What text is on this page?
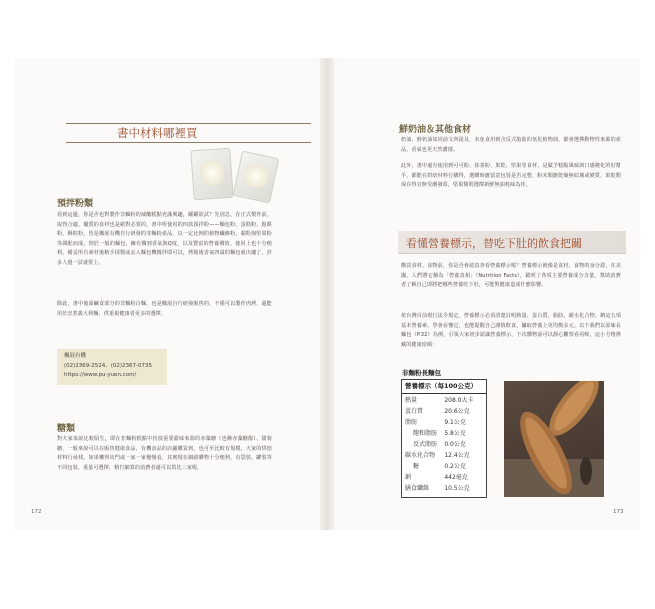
書中材料哪裡買
預拌粉類
看到這邊，你是否也對製作非麵粉的減醣糕點充滿興趣，躍躍欲試？先別急，在正式製作前，取得合適、優質的食材也是絕對必要的。書中所使用的四款預拌粉——麵包粉、蛋糕粉、鬆餅粉、酥粒粉，皆是楓展有機自行研發的非麵粉產品，以一定比例的植物纖維粉、黏粉與堅果粉等調配而成，則於一般的麵包，擁有獨到香氣與Q度，以及豐富的營養價值。使用上也十分便利，備妥所有素材後稍手揉製或丟入麵包機攪拌即可以，烤箱後香氣四溢的麵包就出爐了，許多人覺一試就愛上。
除此，書中後面鹹食部分的非麵粉白麵，也是楓展自行研發販售的，不僅可以製作肉烤，還能用於烹煮義大利麵，供重視健康者更多的選擇。
楓展有機
(02)2369-2524、(02)2367-0735
https://www.pu-yuen.com/
糖類
對大家來說比較陌生，即在非麵粉糕點中扮演重要甜味來源的赤藻糖（也稱赤藻糖醇）、甜菊糖，一般來說可以在販售健康食品、有機食品的店鋪購買到，也可至比較有規模、大家的烘焙材料行尋找。如果懶得出門或一家一家慢慢看，其實現在網路購物十分便利，有袋裝、罐裝等不同包裝、重量可選擇，精打細算的消費者還可以貨比三家呢。
172
鮮奶油＆其他食材
奶油、鮮奶油如同前文所提及，未免食用到含反式脂肪的氫化植物油，都會選擇動物性來源的產品，香氣也更天然濃郁。
此外，書中還有使用到可可粉、抹茶粉、果乾、堅果等食材，是賦予糕點風味與口感變化的好幫手，都能在烘焙材料行購得，選購時應留意包裝是否完整，粉末類應乾燥無結塊或變質，果乾類保存得宜無受潮發霉，堅果類則選擇新鮮無油耗味為佳。
看懂營養標示，替吃下肚的飲食把關
購買食材、食物前，你是否會認真查看營養標示呢？營養標示就像是食材、食物的身分證，在美國，人們將它稱為「營養真相」（Nutrition Facts），載明了各項主要營養成分含量，幫助消費者了解自己即將把哪些營養吃下肚，可能對健康造成什麼影響。
依台灣目前現行法令規定，營養標示必須清楚註明熱量、蛋白質、脂肪、碳水化合物、鈉這五項基本營養素，學會看懂它，也能提醒自己謹慎飲食，攝取營養上更均衡多元。以下我們以原味長麵包（P.32）為例，引領大家初步認識營養標示，下次購物前可以靜心觀察看看喔，這小方格裡藏的健康密碼：
非麵粉長麵包
營養標示（每100公克）
熱量	208.0大卡
蛋白質	20.6公克
脂肪	9.1公克
飽和脂肪	5.8公克
反式脂肪	0.0公克
碳水化合物	12.4公克
糖	0.2公克
鈉	442毫克
膳食纖維	10.5公克
173
